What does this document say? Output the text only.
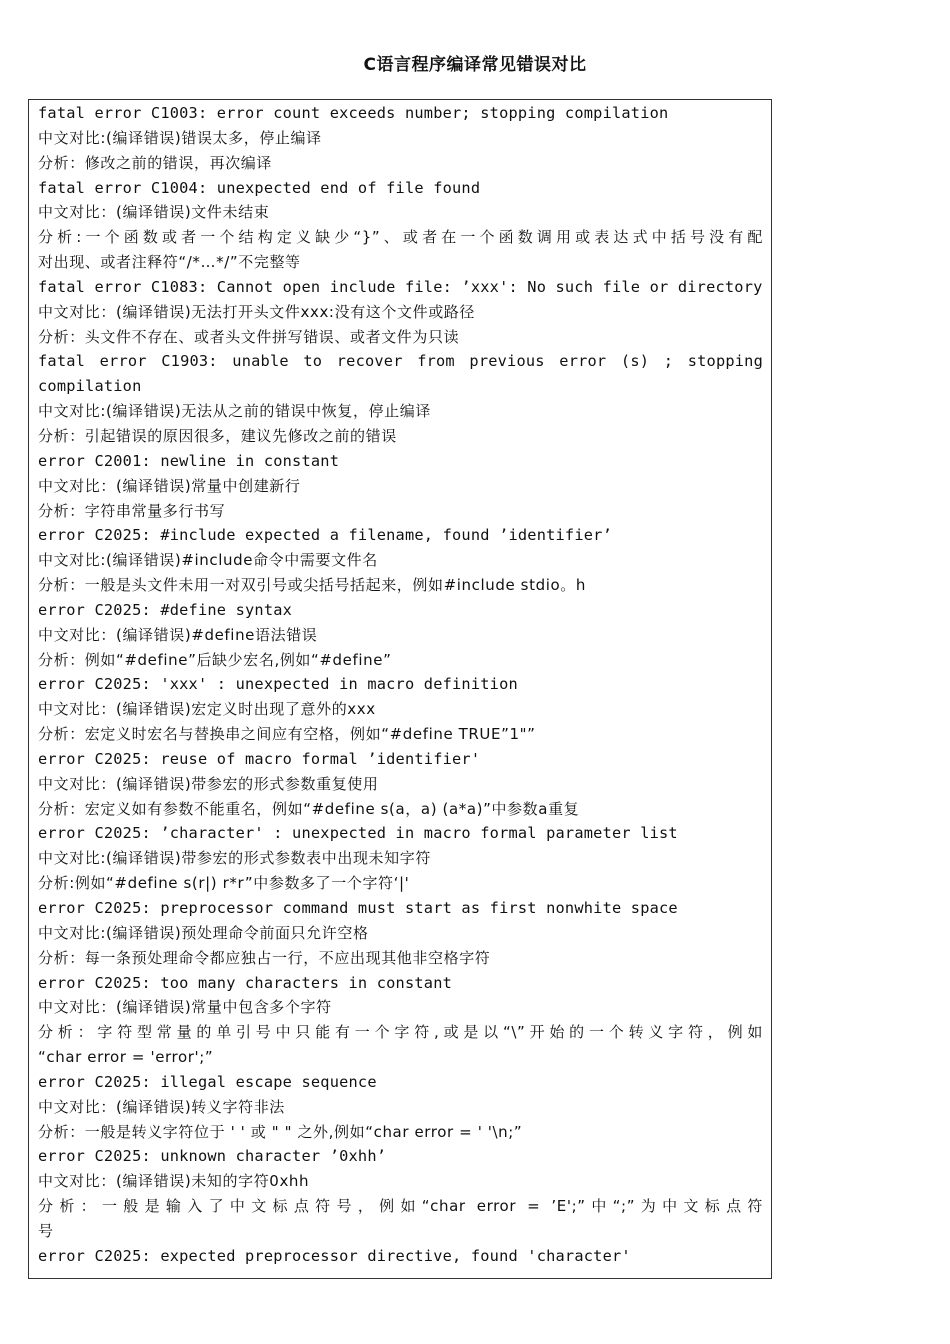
C语言程序编译常见错误对比
fatal error C1003: error count exceeds number; stopping compilation
中文对比:(编译错误)错误太多，停止编译
分析：修改之前的错误，再次编译
fatal error C1004: unexpected end of file found
中文对比：(编译错误)文件未结束
分析:一个函数或者一个结构定义缺少“}”、或者在一个函数调用或表达式中括号没有配
对出现、或者注释符“/*…*/”不完整等
fatal error C1083: Cannot open include file: ’xxx': No such file or directory
中文对比：(编译错误)无法打开头文件xxx:没有这个文件或路径
分析：头文件不存在、或者头文件拼写错误、或者文件为只读
fatal error C1903: unable to recover from previous error (s) ; stopping
compilation
中文对比:(编译错误)无法从之前的错误中恢复，停止编译
分析：引起错误的原因很多，建议先修改之前的错误
error C2001: newline in constant
中文对比：(编译错误)常量中创建新行
分析：字符串常量多行书写
error C2025: #include expected a filename, found ’identifier’
中文对比:(编译错误)#include命令中需要文件名
分析：一般是头文件未用一对双引号或尖括号括起来，例如#include stdio。h
error C2025: #define syntax
中文对比：(编译错误)#define语法错误
分析：例如“#define”后缺少宏名,例如“#define”
error C2025: 'xxx' : unexpected in macro definition
中文对比：(编译错误)宏定义时出现了意外的xxx
分析：宏定义时宏名与替换串之间应有空格，例如“#define TRUE”1"”
error C2025: reuse of macro formal ’identifier'
中文对比：(编译错误)带参宏的形式参数重复使用
分析：宏定义如有参数不能重名，例如“#define s(a，a) (a*a)”中参数a重复
error C2025: ’character' : unexpected in macro formal parameter list
中文对比:(编译错误)带参宏的形式参数表中出现未知字符
分析:例如“#define s(r|) r*r”中参数多了一个字符‘|'
error C2025: preprocessor command must start as first nonwhite space
中文对比:(编译错误)预处理命令前面只允许空格
分析：每一条预处理命令都应独占一行，不应出现其他非空格字符
error C2025: too many characters in constant
中文对比：(编译错误)常量中包含多个字符
分析：字符型常量的单引号中只能有一个字符,或是以“\”开始的一个转义字符，例如
“char error = 'error';”
error C2025: illegal escape sequence
中文对比：(编译错误)转义字符非法
分析：一般是转义字符位于 ' ' 或 " " 之外,例如“char error = ' '\n;”
error C2025: unknown character ’0xhh’
中文对比：(编译错误)未知的字符0xhh
分析：一般是输入了中文标点符号，例如“char error = ’E';”中“;”为中文标点符
号
error C2025: expected preprocessor directive, found 'character'
